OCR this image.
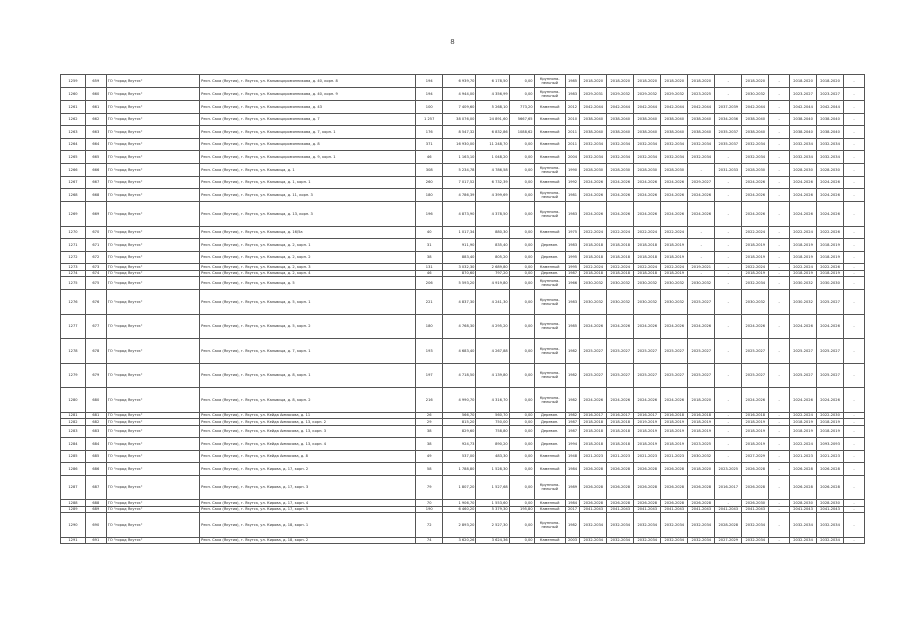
8
1259	659	ГО "город Якутск"	Респ. Саха (Якутия), г. Якутск, ул. Кальвицкромянникова, д. 40, корп. 8	194	6 939,70	6 178,50	0,00	Крупнопа-нельный	1985	2018-2020	2018-2020	2018-2020	2018-2020	2018-2020	-	2018-2020	-	2018-2020	2018-2020	-
1260	660	ГО "город Якутск"	Респ. Саха (Якутия), г. Якутск, ул. Кальвицкромянникова, д. 40, корп. 9	194	4 944,00	4 356,99	0,00	Крупнопа-нельный	1983	2029-2031	2029-2032	2029-2032	2029-2032	2023-2025	-	2030-2032	-	2023-2027	2023-2027	-
1261	661	ГО "город Якутск"	Респ. Саха (Якутия), г. Якутск, ул. Кальвицкромянникова, д. 43	100	7 409,60	5 268,10	773,20	Каменный	2012	2042-2044	2042-2044	2042-2044	2042-2044	2042-2044	2037-2039	2042-2044	-	2042-2044	2042-2044	-
1262	662	ГО "город Якутск"	Респ. Саха (Якутия), г. Якутск, ул. Кальвицкромянникова, д. 7	1 257	38 076,00	24 891,60	5667,65	Каменный	2010	2038-2040	2038-2040	2038-2040	2038-2040	2038-2040	2034-2036	2038-2040	-	2038-2040	2038-2040	-
1263	663	ГО "город Якутск"	Респ. Саха (Якутия), г. Якутск, ул. Кальвицкромянникова, д. 7, корп. 1	176	8 547,32	6 832,86	1088,62	Каменный	2011	2038-2040	2038-2040	2038-2040	2038-2040	2038-2040	2035-2037	2038-2040	-	2038-2040	2038-2040	-
1264	664	ГО "город Якутск"	Респ. Саха (Якутия), г. Якутск, ул. Кальвицкромянникова, д. 8	371	16 930,00	11 248,70	0,00	Каменный	2011	2032-2034	2032-2034	2032-2034	2032-2034	2032-2034	2035-2037	2032-2034	-	2032-2034	2032-2034	-
1265	665	ГО "город Якутск"	Респ. Саха (Якутия), г. Якутск, ул. Кальвицкромянникова, д. 9, корп. 1	46	1 163,10	1 048,20	0,00	Каменный	2004	2032-2034	2032-2034	2032-2034	2032-2034	2032-2034	-	2032-2034	-	2032-2034	2032-2034	-
1266	666	ГО "город Якутск"	Респ. Саха (Якутия), г. Якутск, ул. Кальвица, д. 1	308	5 234,78	4 786,58	0,00	Крупнопа-нельный	1990	2028-2030	2028-2030	2028-2030	2028-2030	-	2031-2033	2028-2030	-	2028-2030	2028-2030	-
1267	667	ГО "город Якутск"	Респ. Саха (Якутия), г. Якутск, ул. Кальвица, д. 1, корп. 1	260	7 017,52	6 732,39	0,00	Каменный	1992	2024-2026	2024-2026	2024-2026	2024-2026	2029-2027	-	2024-2026	-	2024-2026	2024-2026	-
1268	668	ГО "город Якутск"	Респ. Саха (Якутия), г. Якутск, ул. Кальвица, д. 11, корп. 3	180	4 786,39	4 399,69	0,00	Крупнопа-нельный	1981	2024-2026	2024-2026	2024-2026	2024-2026	2024-2026	-	2024-2026	-	2024-2026	2024-2026	-
1269	669	ГО "город Якутск"	Респ. Саха (Якутия), г. Якутск, ул. Кальвица, д. 13, корп. 3	196	4 873,90	4 378,50	0,00	Крупнопа-нельный	1983	2024-2026	2024-2026	2024-2026	2024-2026	2024-2026	-	2024-2026	-	2024-2026	2024-2026	-
1270	670	ГО "город Якутск"	Респ. Саха (Якутия), г. Якутск, ул. Кальвица, д. 16/5а	40	1 017,34	880,30	0,00	Каменный	1975	2022-2024	2022-2024	2022-2024	2022-2024	-	-	2022-2024	-	2022-2024	2022-2026	-
1271	671	ГО "город Якутск"	Респ. Саха (Якутия), г. Якутск, ул. Кальвица, д. 2, корп. 1	31	911,90	835,40	0,00	Деревян.	1983	2018-2018	2018-2018	2018-2018	2018-2019	-	-	2018-2019	-	2018-2019	2018-2019	-
1272	672	ГО "город Якутск"	Респ. Саха (Якутия), г. Якутск, ул. Кальвица, д. 2, корп. 2	38	883,40	805,20	0,00	Деревян.	1995	2018-2018	2018-2018	2018-2018	2018-2019	-	-	2018-2019	-	2018-2019	2018-2019	-
1273	673	ГО "город Якутск"	Респ. Саха (Якутия), г. Якутск, ул. Кальвица, д. 2, корп. 3	131	3 032,30	2 689,80	0,00	Каменный	1995	2022-2024	2022-2024	2022-2024	2022-2024	2019-2021	-	2022-2024	-	2022-2024	2022-2026	-
1274	674	ГО "город Якутск"	Респ. Саха (Якутия), г. Якутск, ул. Кальвица, д. 2, корп. 4	46	870,60	797,20	0,00	Деревян.	1987	2018-2018	2018-2018	2018-2018	2018-2019	-	-	2018-2019	-	2018-2019	2018-2019	-
1275	675	ГО "город Якутск"	Респ. Саха (Якутия), г. Якутск, ул. Кальвица, д. 5	206	5 593,20	4 919,80	0,00	Крупнопа-нельный	1966	2030-2032	2030-2032	2030-2032	2030-2032	2030-2032	-	2032-2034	-	2030-2032	2030-2030	-
1276	676	ГО "город Якутск"	Респ. Саха (Якутия), г. Якутск, ул. Кальвица, д. 5, корп. 1	221	4 837,30	4 241,30	0,00	Крупнопа-нельный	1983	2030-2032	2030-2032	2030-2032	2030-2032	2025-2027	-	2030-2032	-	2030-2032	2025-2027	-
1277	677	ГО "город Якутск"	Респ. Саха (Якутия), г. Якутск, ул. Кальвица, д. 5, корп. 2	180	4 768,30	4 295,20	0,00	Крупнопа-нельный	1985	2024-2026	2024-2026	2024-2026	2024-2026	2024-2026	-	2024-2026	-	2024-2026	2024-2026	-
1278	678	ГО "город Якутск"	Респ. Саха (Якутия), г. Якутск, ул. Кальвица, д. 7, корп. 1	193	4 683,40	4 267,88	0,00	Крупнопа-нельный	1982	2025-2027	2025-2027	2025-2027	2025-2027	2025-2027	-	2025-2027	-	2025-2027	2025-2027	-
1279	679	ГО "город Якутск"	Респ. Саха (Якутия), г. Якутск, ул. Кальвица, д. 8, корп. 1	197	4 718,50	4 139,80	0,00	Крупнопа-нельный	1982	2025-2027	2025-2027	2025-2027	2025-2027	2025-2027	-	2025-2027	-	2025-2027	2025-2027	-
1280	680	ГО "город Якутск"	Респ. Саха (Якутия), г. Якутск, ул. Кальвица, д. 8, корп. 2	216	4 990,70	4 316,70	0,00	Крупнопа-нельный	1982	2024-2026	2024-2026	2024-2026	2024-2026	2018-2020	-	2024-2026	-	2024-2026	2024-2026	-
1281	681	ГО "город Якутск"	Респ. Саха (Якутия), г. Якутск, ул. Кейда Аммосова, д. 11	26	566,70	560,70	0,00	Деревян.	1982	2016-2017	2016-2017	2016-2017	2016-2018	2016-2018	-	2016-2018	-	2022-2024	2022-2030	-
1282	682	ГО "город Якутск"	Респ. Саха (Якутия), г. Якутск, ул. Кейда Аммосова, д. 13, корп. 2	29	815,20	750,00	0,00	Деревян.	1987	2018-2018	2018-2018	2019-2019	2018-2019	2018-2019	-	2018-2019	-	2018-2019	2018-2019	-
1283	683	ГО "город Якутск"	Респ. Саха (Якутия), г. Якутск, ул. Кейда Аммосова, д. 13, корп. 3	38	829,60	758,80	0,00	Деревян.	1987	2018-2018	2018-2018	2018-2019	2018-2019	2018-2019	-	2018-2019	-	2018-2019	2018-2019	-
1284	684	ГО "город Якутск"	Респ. Саха (Якутия), г. Якутск, ул. Кейда Аммосова, д. 13, корп. 4	38	924,73	890,20	0,00	Деревян.	1994	2018-2018	2018-2018	2018-2019	2018-2019	2023-2025	-	2018-2019	-	2022-2024	2093-2093	-
1285	685	ГО "город Якутск"	Респ. Саха (Якутия), г. Якутск, ул. Кейда Аммосова, д. 8	49	537,00	483,30	0,00	Каменный	1948	2021-2023	2021-2023	2021-2023	2021-2023	2030-2032	-	2027-2029	-	2021-2023	2021-2023	-
1286	686	ГО "город Якутск"	Респ. Саха (Якутия), г. Якутск, ул. Кирова, д. 17, корп. 2	58	1 788,80	1 528,30	0,00	Каменный	1984	2026-2028	2026-2028	2026-2028	2026-2028	2018-2020	2023-2025	2026-2028	-	2026-2028	2026-2028	-
1287	687	ГО "город Якутск"	Респ. Саха (Якутия), г. Якутск, ул. Кирова, д. 17, корп. 3	79	1 807,20	1 527,68	0,00	Крупнопа-нельный	1989	2026-2028	2026-2028	2026-2028	2026-2028	2026-2028	2016-2017	2026-2028	-	2026-2028	2026-2028	-
1288	688	ГО "город Якутск"	Респ. Саха (Якутия), г. Якутск, ул. Кирова, д. 17, корп. 4	70	1 906,70	1 553,60	0,00	Каменный	1984	2026-2028	2026-2028	2026-2028	2026-2028	2026-2028	-	2026-2030	-	2028-2030	2028-2030	-
1289	689	ГО "город Якутск"	Респ. Саха (Якутия), г. Якутск, ул. Кирова, д. 17, корп. 5	190	6 460,20	5 379,30	195,80	Каменный	2017	2041-2043	2041-2043	2041-2043	2041-2043	2041-2043	2041-2043	2041-2043	-	2041-2043	2041-2043	-
1290	690	ГО "город Якутск"	Респ. Саха (Якутия), г. Якутск, ул. Кирова, д. 18, корп. 1	72	2 893,20	2 527,30	0,00	Крупнопа-нельный	1982	2032-2034	2032-2034	2032-2034	2032-2034	2032-2034	2028-2028	2032-2034	-	2032-2034	2032-2034	-
1291	691	ГО "город Якутск"	Респ. Саха (Якутия), г. Якутск, ул. Кирова, д. 18, корп. 2	74	3 620,26	3 624,36	0,00	Каменный	2003	2032-2034	2032-2034	2032-2034	2032-2034	2032-2034	2027-2029	2032-2034	-	2032-2034	2032-2034	-
